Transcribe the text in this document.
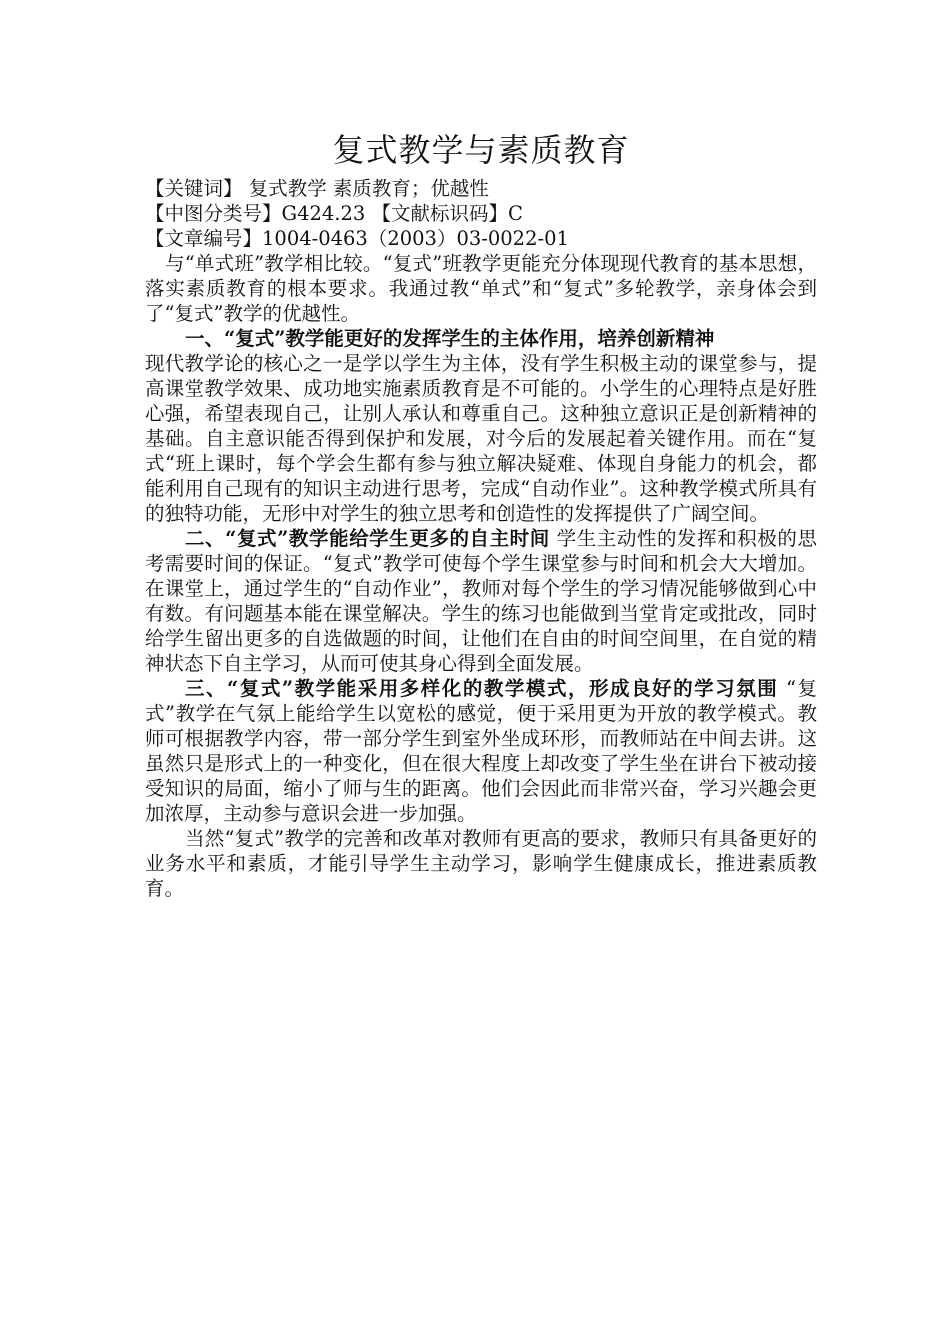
复式教学与素质教育

【关键词】 复式教学 素质教育；优越性

【中图分类号】G424.23 【文献标识码】C

【文章编号】1004-0463（2003）03-0022-01

与“单式班”教学相比较。“复式”班教学更能充分体现现代教育的基本思想，落实素质教育的根本要求。我通过教“单式”和“复式”多轮教学，亲身体会到了“复式”教学的优越性。

一、“复式”教学能更好的发挥学生的主体作用，培养创新精神

现代教学论的核心之一是学以学生为主体，没有学生积极主动的课堂参与，提高课堂教学效果、成功地实施素质教育是不可能的。小学生的心理特点是好胜心强，希望表现自己，让别人承认和尊重自己。这种独立意识正是创新精神的基础。自主意识能否得到保护和发展，对今后的发展起着关键作用。而在“复式“班上课时，每个学会生都有参与独立解决疑难、体现自身能力的机会，都能利用自己现有的知识主动进行思考，完成“自动作业”。这种教学模式所具有的独特功能，无形中对学生的独立思考和创造性的发挥提供了广阔空间。

二、“复式”教学能给学生更多的自主时间 学生主动性的发挥和积极的思考需要时间的保证。“复式”教学可使每个学生课堂参与时间和机会大大增加。在课堂上，通过学生的“自动作业”，教师对每个学生的学习情况能够做到心中有数。有问题基本能在课堂解决。学生的练习也能做到当堂肯定或批改，同时给学生留出更多的自选做题的时间，让他们在自由的时间空间里，在自觉的精神状态下自主学习，从而可使其身心得到全面发展。

三、“复式”教学能采用多样化的教学模式，形成良好的学习氛围 “复式”教学在气氛上能给学生以宽松的感觉，便于采用更为开放的教学模式。教师可根据教学内容，带一部分学生到室外坐成环形，而教师站在中间去讲。这虽然只是形式上的一种变化，但在很大程度上却改变了学生坐在讲台下被动接受知识的局面，缩小了师与生的距离。他们会因此而非常兴奋，学习兴趣会更加浓厚，主动参与意识会进一步加强。

当然“复式”教学的完善和改革对教师有更高的要求，教师只有具备更好的业务水平和素质，才能引导学生主动学习，影响学生健康成长，推进素质教育。
